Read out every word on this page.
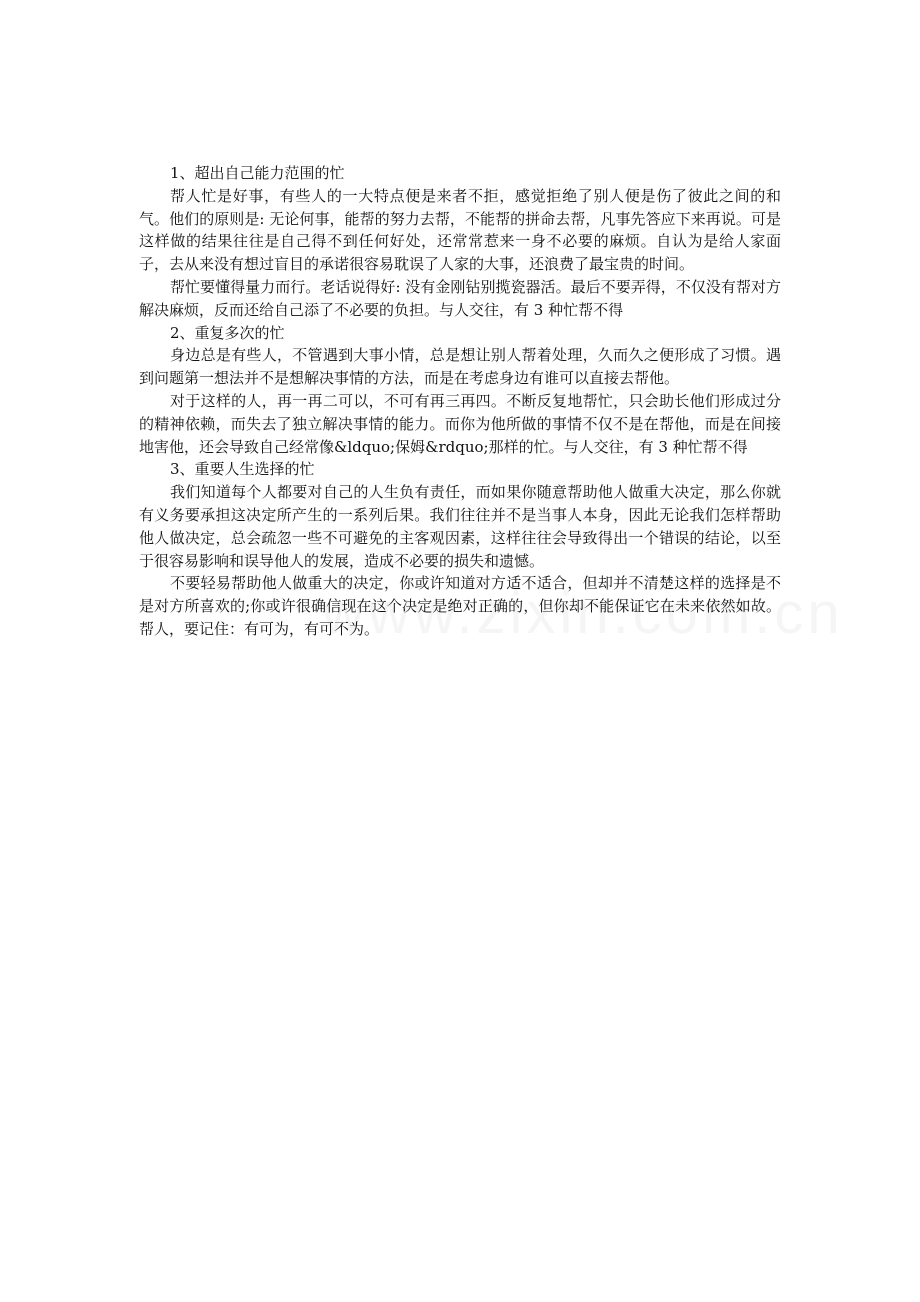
1、超出自己能力范围的忙

帮人忙是好事，有些人的一大特点便是来者不拒，感觉拒绝了别人便是伤了彼此之间的和气。他们的原则是: 无论何事，能帮的努力去帮，不能帮的拼命去帮，凡事先答应下来再说。可是这样做的结果往往是自己得不到任何好处，还常常惹来一身不必要的麻烦。自认为是给人家面子，去从来没有想过盲目的承诺很容易耽误了人家的大事，还浪费了最宝贵的时间。

帮忙要懂得量力而行。老话说得好: 没有金刚钻别揽瓷器活。最后不要弄得，不仅没有帮对方解决麻烦，反而还给自己添了不必要的负担。与人交往，有 3 种忙帮不得

2、重复多次的忙

身边总是有些人，不管遇到大事小情，总是想让别人帮着处理，久而久之便形成了习惯。遇到问题第一想法并不是想解决事情的方法，而是在考虑身边有谁可以直接去帮他。

对于这样的人，再一再二可以，不可有再三再四。不断反复地帮忙，只会助长他们形成过分的精神依赖，而失去了独立解决事情的能力。而你为他所做的事情不仅不是在帮他，而是在间接地害他，还会导致自己经常像&ldquo;保姆&rdquo;那样的忙。与人交往，有 3 种忙帮不得

3、重要人生选择的忙

我们知道每个人都要对自己的人生负有责任，而如果你随意帮助他人做重大决定，那么你就有义务要承担这决定所产生的一系列后果。我们往往并不是当事人本身，因此无论我们怎样帮助他人做决定，总会疏忽一些不可避免的主客观因素，这样往往会导致得出一个错误的结论，以至于很容易影响和误导他人的发展，造成不必要的损失和遗憾。

不要轻易帮助他人做重大的决定，你或许知道对方适不适合，但却并不清楚这样的选择是不是对方所喜欢的;你或许很确信现在这个决定是绝对正确的，但你却不能保证它在未来依然如故。帮人，要记住：有可为，有可不为。
